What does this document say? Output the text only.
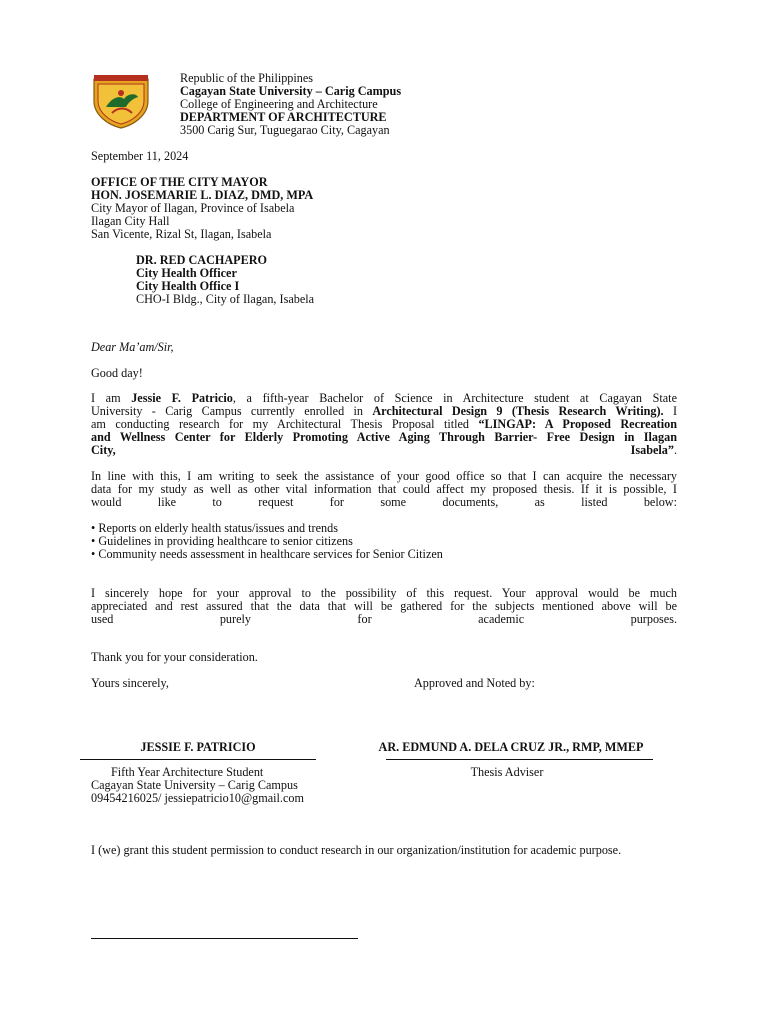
Republic of the Philippines
Cagayan State University – Carig Campus
College of Engineering and Architecture
DEPARTMENT OF ARCHITECTURE
3500 Carig Sur, Tuguegarao City, Cagayan
September 11, 2024
OFFICE OF THE CITY MAYOR
HON. JOSEMARIE L. DIAZ, DMD, MPA
City Mayor of Ilagan, Province of Isabela
Ilagan City Hall
San Vicente, Rizal St, Ilagan, Isabela
DR. RED CACHAPERO
City Health Officer
City Health Office I
CHO-I Bldg., City of Ilagan, Isabela
Dear Ma’am/Sir,
Good day!
I am Jessie F. Patricio, a fifth-year Bachelor of Science in Architecture student at Cagayan State
University - Carig Campus currently enrolled in Architectural Design 9 (Thesis Research Writing). I
am conducting research for my Architectural Thesis Proposal titled “LINGAP: A Proposed Recreation
and Wellness Center for Elderly Promoting Active Aging Through Barrier- Free Design in Ilagan
City,	Isabela”.
In line with this, I am writing to seek the assistance of your good office so that I can acquire the necessary
data for my study as well as other vital information that could affect my proposed thesis. If it is possible, I
would like to request for some documents, as listed below:
• Reports on elderly health status/issues and trends
• Guidelines in providing healthcare to senior citizens
• Community needs assessment in healthcare services for Senior Citizen
I sincerely hope for your approval to the possibility of this request. Your approval would be much
appreciated and rest assured that the data that will be gathered for the subjects mentioned above will be
used purely for academic purposes.
Thank you for your consideration.
Yours sincerely,	Approved and Noted by:
JESSIE F. PATRICIO
Fifth Year Architecture Student
Cagayan State University – Carig Campus
09454216025/ jessiepatricio10@gmail.com
AR. EDMUND A. DELA CRUZ JR., RMP, MMEP
Thesis Adviser
I (we) grant this student permission to conduct research in our organization/institution for academic purpose.
